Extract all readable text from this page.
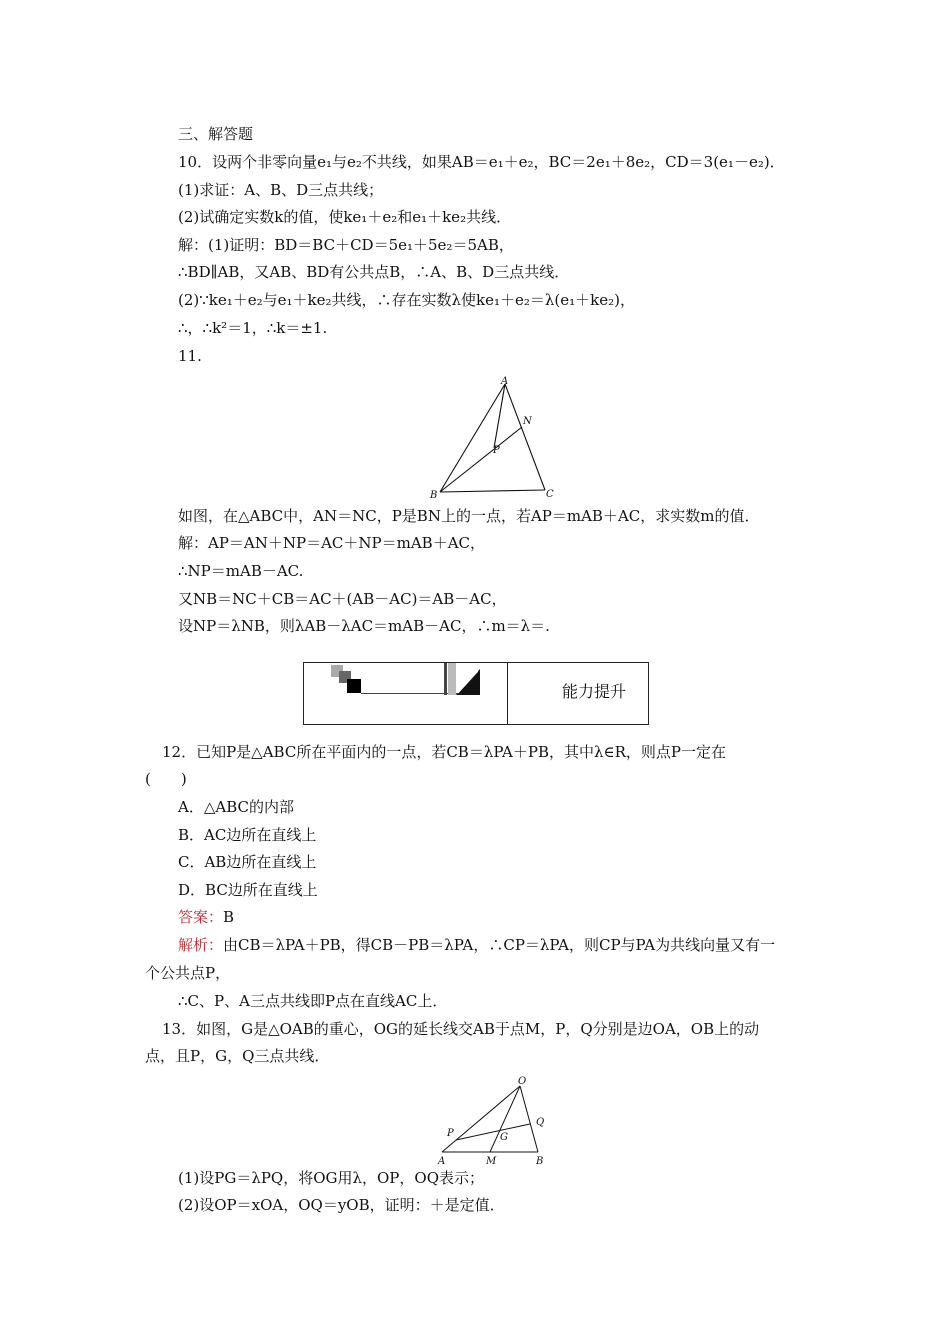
三、解答题
10．设两个非零向量e₁与e₂不共线，如果AB＝e₁＋e₂，BC＝2e₁＋8e₂，CD＝3(e₁－e₂)．
(1)求证：A、B、D三点共线；
(2)试确定实数k的值，使ke₁＋e₂和e₁＋ke₂共线．
解：(1)证明：BD＝BC＋CD＝5e₁＋5e₂＝5AB，
∴BD∥AB，又AB、BD有公共点B，∴A、B、D三点共线．
(2)∵ke₁＋e₂与e₁＋ke₂共线，∴存在实数λ使ke₁＋e₂＝λ(e₁＋ke₂)，
∴，∴k²＝1，∴k＝±1.
11.
A
B	C
N
P
如图，在△ABC中，AN＝NC，P是BN上的一点，若AP＝mAB＋AC，求实数m的值．
解：AP＝AN＋NP＝AC＋NP＝mAB＋AC，
∴NP＝mAB－AC.
又NB＝NC＋CB＝AC＋(AB－AC)＝AB－AC，
设NP＝λNB，则λAB－λAC＝mAB－AC，∴m＝λ＝.
能力提升
12．已知P是△ABC所在平面内的一点，若CB＝λPA＋PB，其中λ∈R，则点P一定在
(　　)
A．△ABC的内部
B．AC边所在直线上
C．AB边所在直线上
D．BC边所在直线上
答案：B
解析：由CB＝λPA＋PB，得CB－PB＝λPA，∴CP＝λPA，则CP与PA为共线向量又有一
个公共点P，
∴C、P、A三点共线即P点在直线AC上．
13．如图，G是△OAB的重心，OG的延长线交AB于点M，P，Q分别是边OA，OB上的动
点，且P，G，Q三点共线．
O
P
Q
G
A	M	B
(1)设PG＝λPQ，将OG用λ，OP，OQ表示；
(2)设OP＝xOA，OQ＝yOB，证明：＋是定值．
